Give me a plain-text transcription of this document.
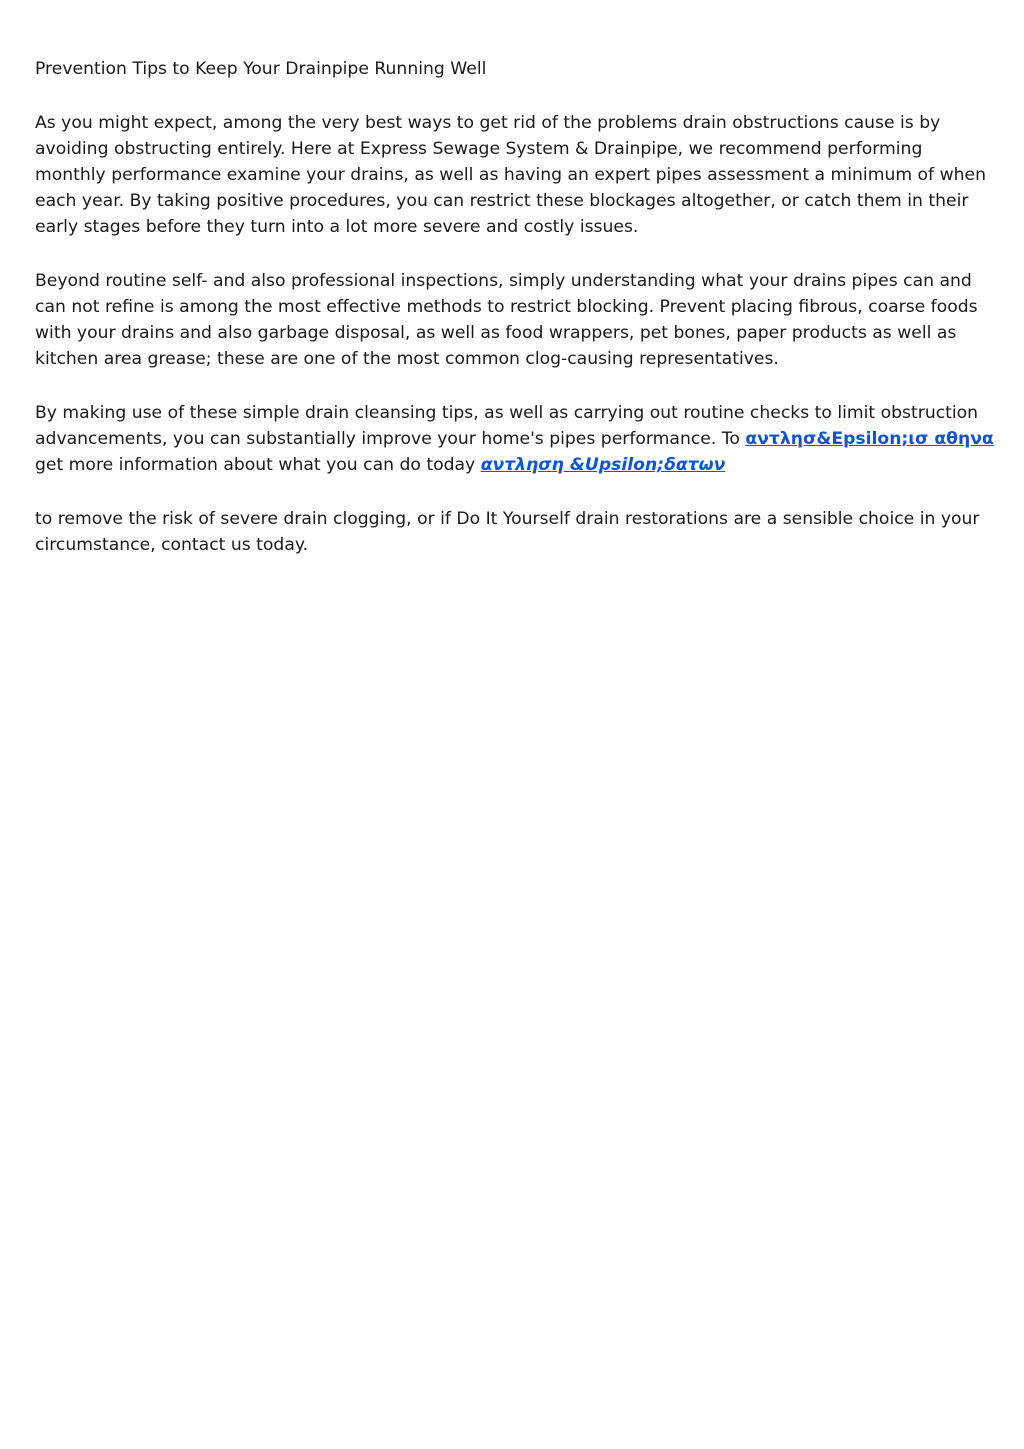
Prevention Tips to Keep Your Drainpipe Running Well

As you might expect, among the very best ways to get rid of the problems drain obstructions cause is by avoiding obstructing entirely. Here at Express Sewage System & Drainpipe, we recommend performing monthly performance examine your drains, as well as having an expert pipes assessment a minimum of when each year. By taking positive procedures, you can restrict these blockages altogether, or catch them in their early stages before they turn into a lot more severe and costly issues.

Beyond routine self- and also professional inspections, simply understanding what your drains pipes can and can not refine is among the most effective methods to restrict blocking. Prevent placing fibrous, coarse foods with your drains and also garbage disposal, as well as food wrappers, pet bones, paper products as well as kitchen area grease; these are one of the most common clog-causing representatives.

By making use of these simple drain cleansing tips, as well as carrying out routine checks to limit obstruction advancements, you can substantially improve your home's pipes performance. To αντλησ&Epsilon;ισ αθηνα get more information about what you can do today αντληση &Upsilon;δατων

to remove the risk of severe drain clogging, or if Do It Yourself drain restorations are a sensible choice in your circumstance, contact us today.
